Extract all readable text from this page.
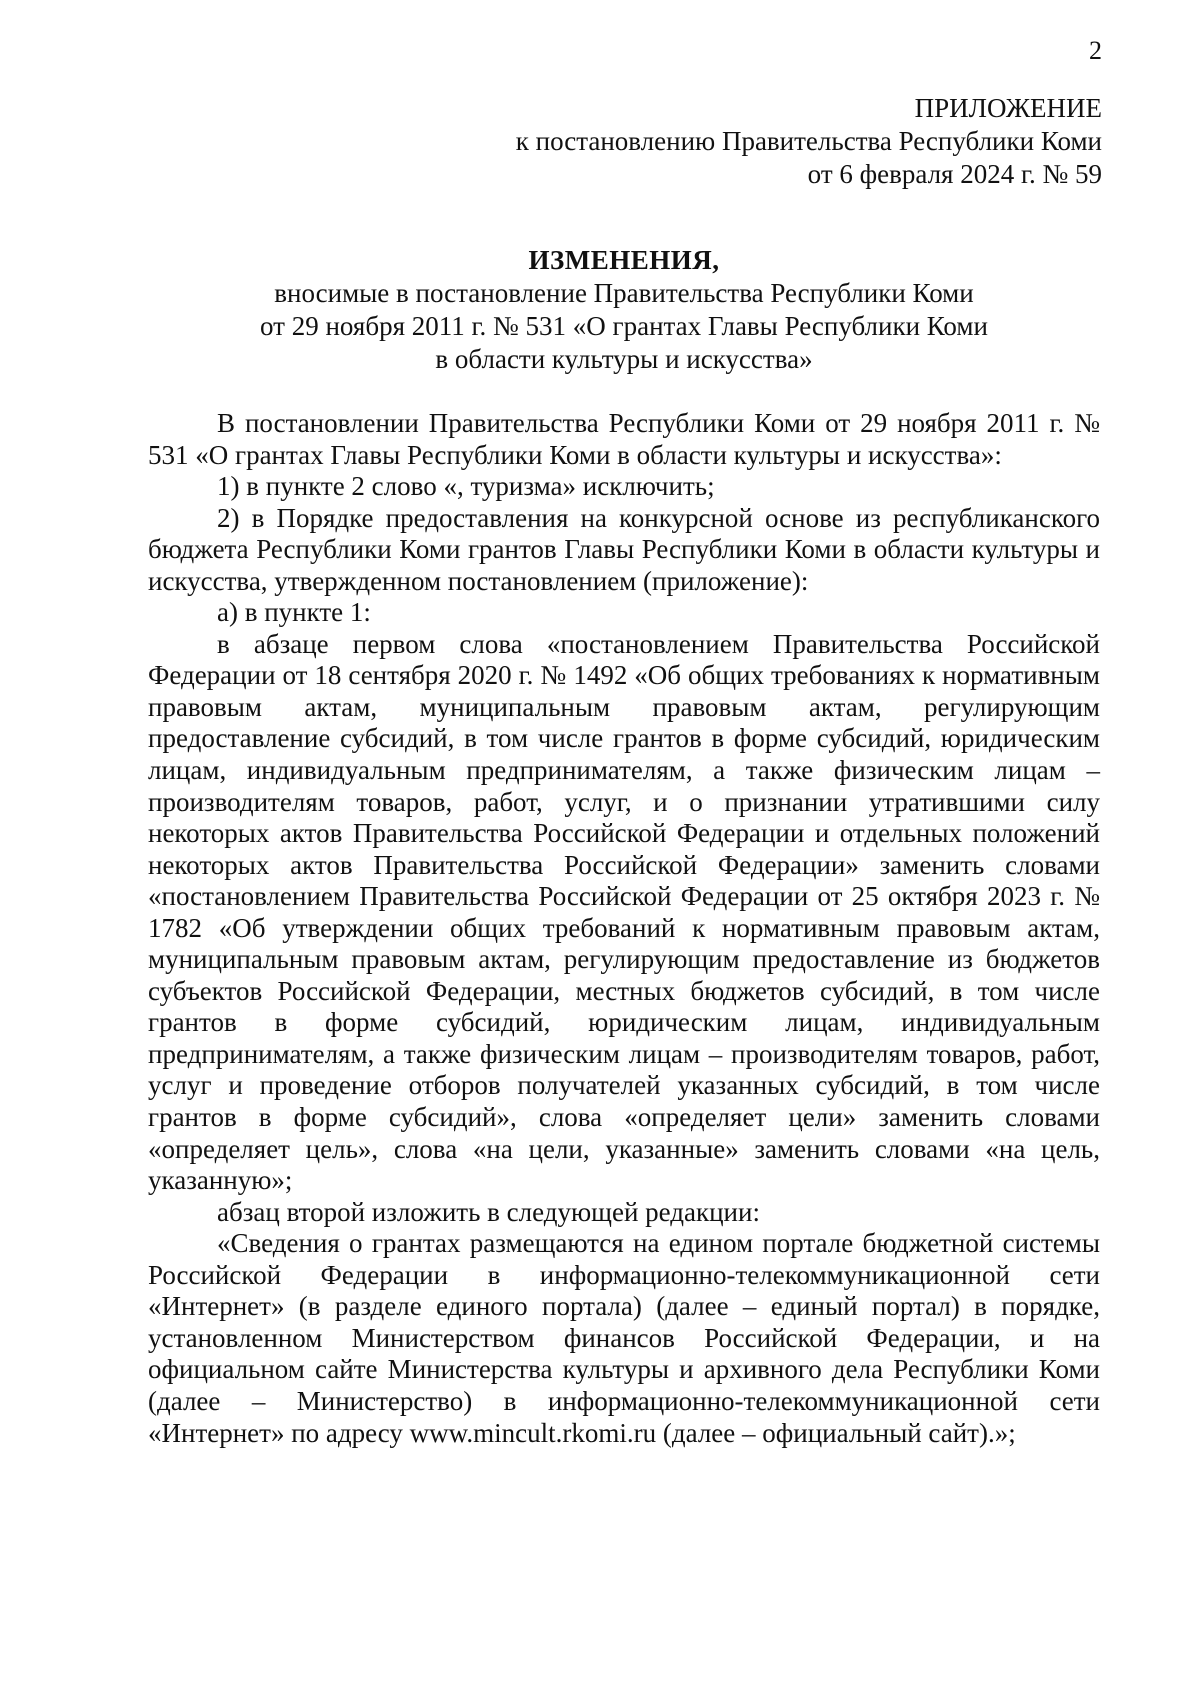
2
ПРИЛОЖЕНИЕ
к постановлению Правительства Республики Коми
от 6 февраля 2024 г. № 59
ИЗМЕНЕНИЯ,
вносимые в постановление Правительства Республики Коми
от 29 ноября 2011 г. № 531 «О грантах Главы Республики Коми
в области культуры и искусства»

В постановлении Правительства Республики Коми от 29 ноября 2011 г. № 531 «О грантах Главы Республики Коми в области культуры и искусства»:

1) в пункте 2 слово «, туризма» исключить;

2) в Порядке предоставления на конкурсной основе из республиканского бюджета Республики Коми грантов Главы Республики Коми в области культуры и искусства, утвержденном постановлением (приложение):

а) в пункте 1:

в абзаце первом слова «постановлением Правительства Российской Федерации от 18 сентября 2020 г. № 1492 «Об общих требованиях к нормативным правовым актам, муниципальным правовым актам, регулирующим предоставление субсидий, в том числе грантов в форме субсидий, юридическим лицам, индивидуальным предпринимателям, а также физическим лицам – производителям товаров, работ, услуг, и о признании утратившими силу некоторых актов Правительства Российской Федерации и отдельных положений некоторых актов Правительства Российской Федерации» заменить словами «постановлением Правительства Российской Федерации от 25 октября 2023 г. № 1782 «Об утверждении общих требований к нормативным правовым актам, муниципальным правовым актам, регулирующим предоставление из бюджетов субъектов Российской Федерации, местных бюджетов субсидий, в том числе грантов в форме субсидий, юридическим лицам, индивидуальным предпринимателям, а также физическим лицам – производителям товаров, работ, услуг и проведение отборов получателей указанных субсидий, в том числе грантов в форме субсидий», слова «определяет цели» заменить словами «определяет цель», слова «на цели, указанные» заменить словами «на цель, указанную»;

абзац второй изложить в следующей редакции:

«Сведения о грантах размещаются на едином портале бюджетной системы Российской Федерации в информационно-телекоммуникационной сети «Интернет» (в разделе единого портала) (далее – единый портал) в порядке, установленном Министерством финансов Российской Федерации, и на официальном сайте Министерства культуры и архивного дела Республики Коми (далее – Министерство) в информационно-телекоммуникационной сети «Интернет» по адресу www.mincult.rkomi.ru (далее – официальный сайт).»;
